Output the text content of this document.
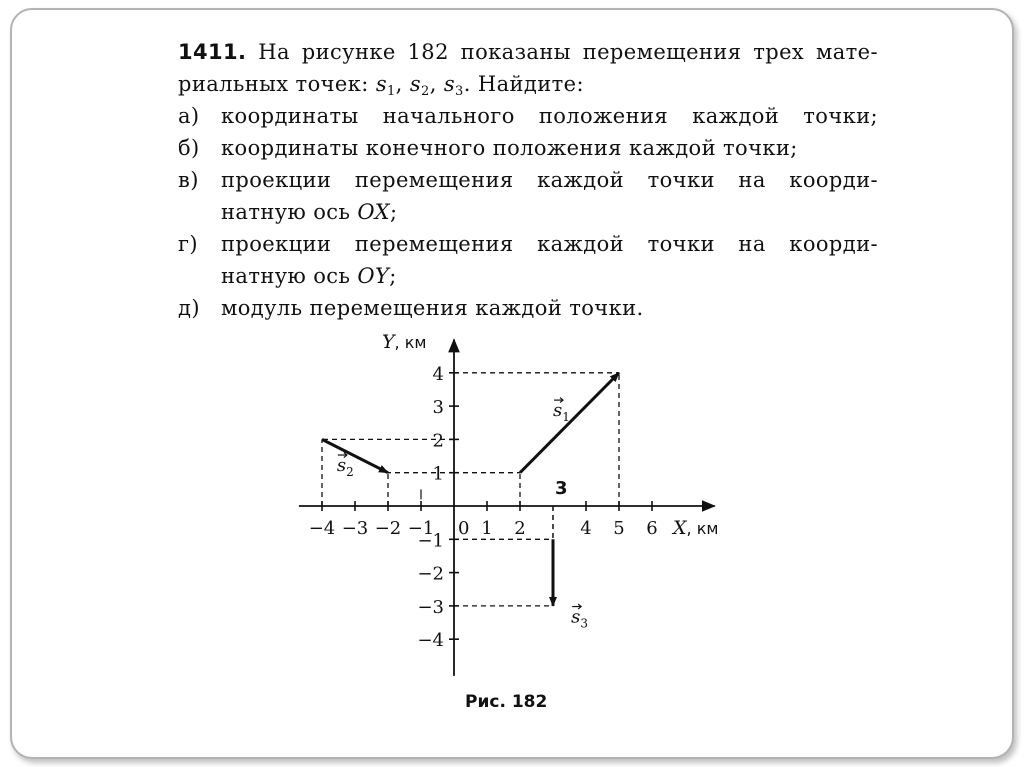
1411. На рисунке 182 показаны перемещения трех мате-
риальных точек: $s_1$, $s_2$, $s_3$. Найдите:
а) координаты начального положения каждой точки;
б) координаты конечного положения каждой точки;
в) проекции перемещения каждой точки на коорди-
натную ось OX;
г) проекции перемещения каждой точки на коорди-
натную ось OY;
д) модуль перемещения каждой точки.
−4 −3 −2 −1	1 2	4 5 6
4
3
2
1
−1
−2
−3
−4
$s_1$
$s_2$
$s_3$
Y, км
X, км
0
3
Рис. 182
